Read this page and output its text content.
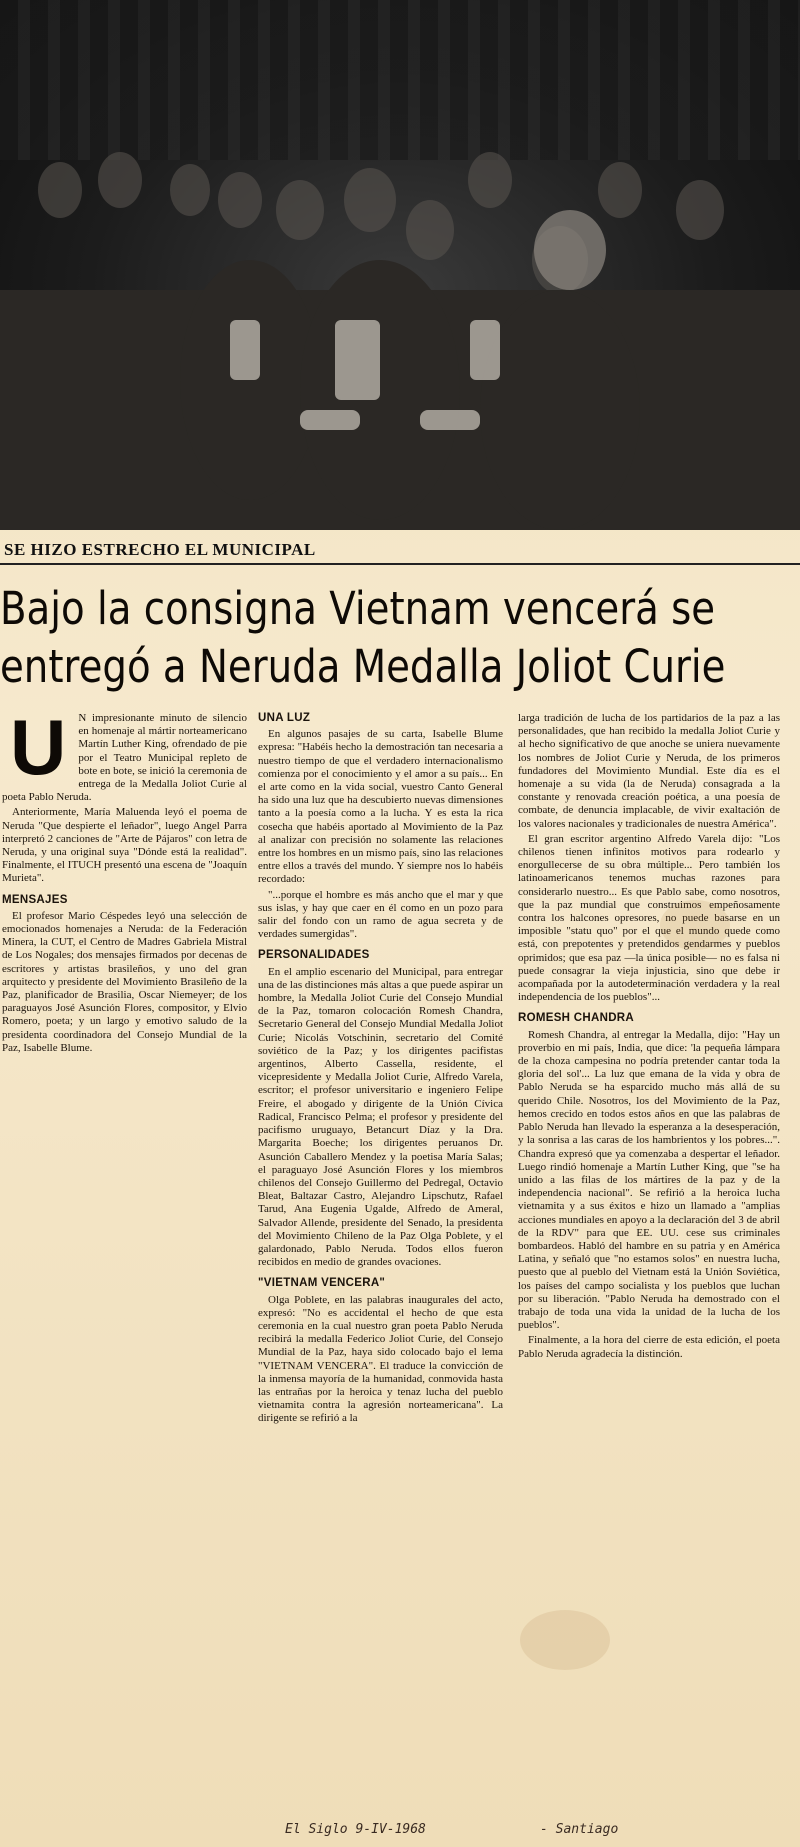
SE HIZO ESTRECHO EL MUNICIPAL
Bajo la consigna Vietnam vencerá se
entregó a Neruda Medalla Joliot Curie
U	N impresionante minuto de silencio en homenaje al mártir norteamericano Martín Luther King, ofrendado de pie por el Teatro Municipal repleto de bote en bote, se inició la ceremonia de entrega de la Medalla Joliot Curie al poeta Pablo Neruda.

Anteriormente, María Maluenda leyó el poema de Neruda "Que despierte el leñador", luego Angel Parra interpretó 2 canciones de "Arte de Pájaros" con letra de Neruda, y una original suya "Dónde está la realidad". Finalmente, el ITUCH presentó una escena de "Joaquín Murieta".

MENSAJES

El profesor Mario Céspedes leyó una selección de emocionados homenajes a Neruda: de la Federación Minera, la CUT, el Centro de Madres Gabriela Mistral de Los Nogales; dos mensajes firmados por decenas de escritores y artistas brasileños, y uno del gran arquitecto y presidente del Movimiento Brasileño de la Paz, planificador de Brasilia, Oscar Niemeyer; de los paraguayos José Asunción Flores, compositor, y Elvio Romero, poeta; y un largo y emotivo saludo de la presidenta coordinadora del Consejo Mundial de la Paz, Isabelle Blume.

UNA LUZ

En algunos pasajes de su carta, Isabelle Blume expresa: "Habéis hecho la demostración tan necesaria a nuestro tiempo de que el verdadero internacionalismo comienza por el conocimiento y el amor a su país... En el arte como en la vida social, vuestro Canto General ha sido una luz que ha descubierto nuevas dimensiones tanto a la poesía como a la lucha. Y es esta la rica cosecha que habéis aportado al Movimiento de la Paz al analizar con precisión no solamente las relaciones entre los hombres en un mismo país, sino las relaciones entre ellos a través del mundo. Y siempre nos lo habéis recordado:

"...porque el hombre es más ancho que el mar y que sus islas, y hay que caer en él como en un pozo para salir del fondo con un ramo de agua secreta y de verdades sumergidas".

PERSONALIDADES

En el amplio escenario del Municipal, para entregar una de las distinciones más altas a que puede aspirar un hombre, la Medalla Joliot Curie del Consejo Mundial de la Paz, tomaron colocación Romesh Chandra, Secretario General del Consejo Mundial Medalla Joliot Curie; Nicolás Votschinin, secretario del Comité soviético de la Paz; y los dirigentes pacifistas argentinos, Alberto Cassella, residente, el vicepresidente y Medalla Joliot Curie, Alfredo Varela, escritor; el profesor universitario e ingeniero Felipe Freire, el abogado y dirigente de la Unión Cívica Radical, Francisco Pelma; el profesor y presidente del pacifismo uruguayo, Betancurt Díaz y la Dra. Margarita Boeche; los dirigentes peruanos Dr. Asunción Caballero Mendez y la poetisa María Salas; el paraguayo José Asunción Flores y los miembros chilenos del Consejo Guillermo del Pedregal, Octavio Bleat, Baltazar Castro, Alejandro Lipschutz, Rafael Tarud, Ana Eugenia Ugalde, Alfredo de Ameral, Salvador Allende, presidente del Senado, la presidenta del Movimiento Chileno de la Paz Olga Poblete, y el galardonado, Pablo Neruda. Todos ellos fueron recibidos en medio de grandes ovaciones.

"VIETNAM VENCERA"

Olga Poblete, en las palabras inaugurales del acto, expresó: "No es accidental el hecho de que esta ceremonia en la cual nuestro gran poeta Pablo Neruda recibirá la medalla Federico Joliot Curie, del Consejo Mundial de la Paz, haya sido colocado bajo el lema "VIETNAM VENCERA". El traduce la convicción de la inmensa mayoría de la humanidad, conmovida hasta las entrañas por la heroica y tenaz lucha del pueblo vietnamita contra la agresión norteamericana". La dirigente se refirió a la

larga tradición de lucha de los partidarios de la paz a las personalidades, que han recibido la medalla Joliot Curie y al hecho significativo de que anoche se uniera nuevamente los nombres de Joliot Curie y Neruda, de los primeros fundadores del Movimiento Mundial. Este día es el homenaje a su vida (la de Neruda) consagrada a la constante y renovada creación poética, a una poesía de combate, de denuncia implacable, de vivir exaltación de los valores nacionales y tradicionales de nuestra América".

El gran escritor argentino Alfredo Varela dijo: "Los chilenos tienen infinitos motivos para rodearlo y enorgullecerse de su obra múltiple... Pero también los latinoamericanos tenemos muchas razones para considerarlo nuestro... Es que Pablo sabe, como nosotros, que la paz mundial que construimos empeñosamente contra los halcones opresores, no puede basarse en un imposible "statu quo" por el que el mundo quede como está, con prepotentes y pretendidos gendarmes y pueblos oprimidos; que esa paz —la única posible— no es falsa ni puede consagrar la vieja injusticia, sino que debe ir acompañada por la autodeterminación verdadera y la real independencia de los pueblos"...

ROMESH CHANDRA

Romesh Chandra, al entregar la Medalla, dijo: "Hay un proverbio en mi país, India, que dice: 'la pequeña lámpara de la choza campesina no podría pretender cantar toda la gloria del sol'... La luz que emana de la vida y obra de Pablo Neruda se ha esparcido mucho más allá de su querido Chile. Nosotros, los del Movimiento de la Paz, hemos crecido en todos estos años en que las palabras de Pablo Neruda han llevado la esperanza a la desesperación, y la sonrisa a las caras de los hambrientos y los pobres...". Chandra expresó que ya comenzaba a despertar el leñador. Luego rindió homenaje a Martín Luther King, que "se ha unido a las filas de los mártires de la paz y de la independencia nacional". Se refirió a la heroica lucha vietnamita y a sus éxitos e hizo un llamado a "amplias acciones mundiales en apoyo a la declaración del 3 de abril de la RDV" para que EE. UU. cese sus criminales bombardeos. Habló del hambre en su patria y en América Latina, y señaló que "no estamos solos" en nuestra lucha, puesto que al pueblo del Vietnam está la Unión Soviética, los países del campo socialista y los pueblos que luchan por su liberación. "Pablo Neruda ha demostrado con el trabajo de toda una vida la unidad de la lucha de los pueblos".

Finalmente, a la hora del cierre de esta edición, el poeta Pablo Neruda agradecía la distinción.

El Siglo 9-IV-1968	- Santiago
